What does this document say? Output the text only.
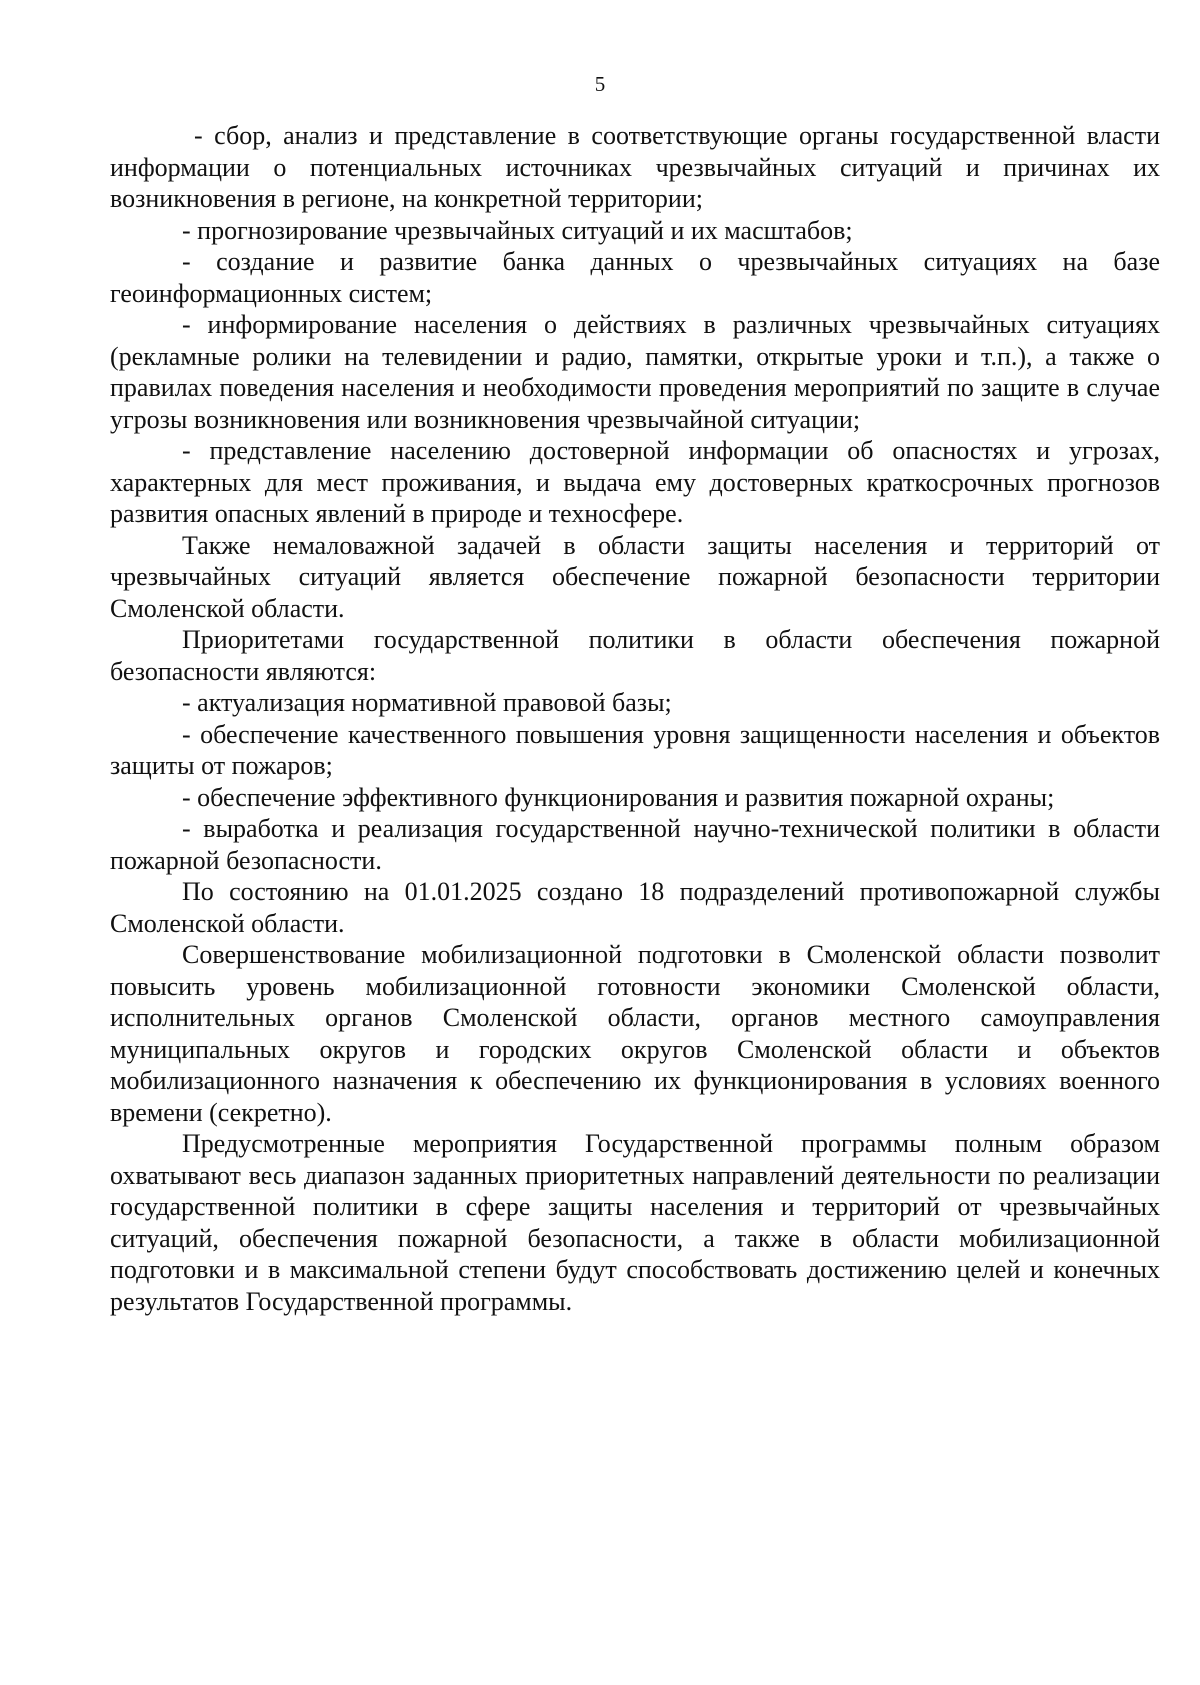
5

- сбор, анализ и представление в соответствующие органы государственной власти информации о потенциальных источниках чрезвычайных ситуаций и причинах их возникновения в регионе, на конкретной территории;

- прогнозирование чрезвычайных ситуаций и их масштабов;

- создание и развитие банка данных о чрезвычайных ситуациях на базе геоинформационных систем;

- информирование населения о действиях в различных чрезвычайных ситуациях (рекламные ролики на телевидении и радио, памятки, открытые уроки и т.п.), а также о правилах поведения населения и необходимости проведения мероприятий по защите в случае угрозы возникновения или возникновения чрезвычайной ситуации;

- представление населению достоверной информации об опасностях и угрозах, характерных для мест проживания, и выдача ему достоверных краткосрочных прогнозов развития опасных явлений в природе и техносфере.

Также немаловажной задачей в области защиты населения и территорий от чрезвычайных ситуаций является обеспечение пожарной безопасности территории Смоленской области.

Приоритетами государственной политики в области обеспечения пожарной безопасности являются:

- актуализация нормативной правовой базы;

- обеспечение качественного повышения уровня защищенности населения и объектов защиты от пожаров;

- обеспечение эффективного функционирования и развития пожарной охраны;

- выработка и реализация государственной научно-технической политики в области пожарной безопасности.

По состоянию на 01.01.2025 создано 18 подразделений противопожарной службы Смоленской области.

Совершенствование мобилизационной подготовки в Смоленской области позволит повысить уровень мобилизационной готовности экономики Смоленской области, исполнительных органов Смоленской области, органов местного самоуправления муниципальных округов и городских округов Смоленской области и объектов мобилизационного назначения к обеспечению их функционирования в условиях военного времени (секретно).

Предусмотренные мероприятия Государственной программы полным образом охватывают весь диапазон заданных приоритетных направлений деятельности по реализации государственной политики в сфере защиты населения и территорий от чрезвычайных ситуаций, обеспечения пожарной безопасности, а также в области мобилизационной подготовки и в максимальной степени будут способствовать достижению целей и конечных результатов Государственной программы.
